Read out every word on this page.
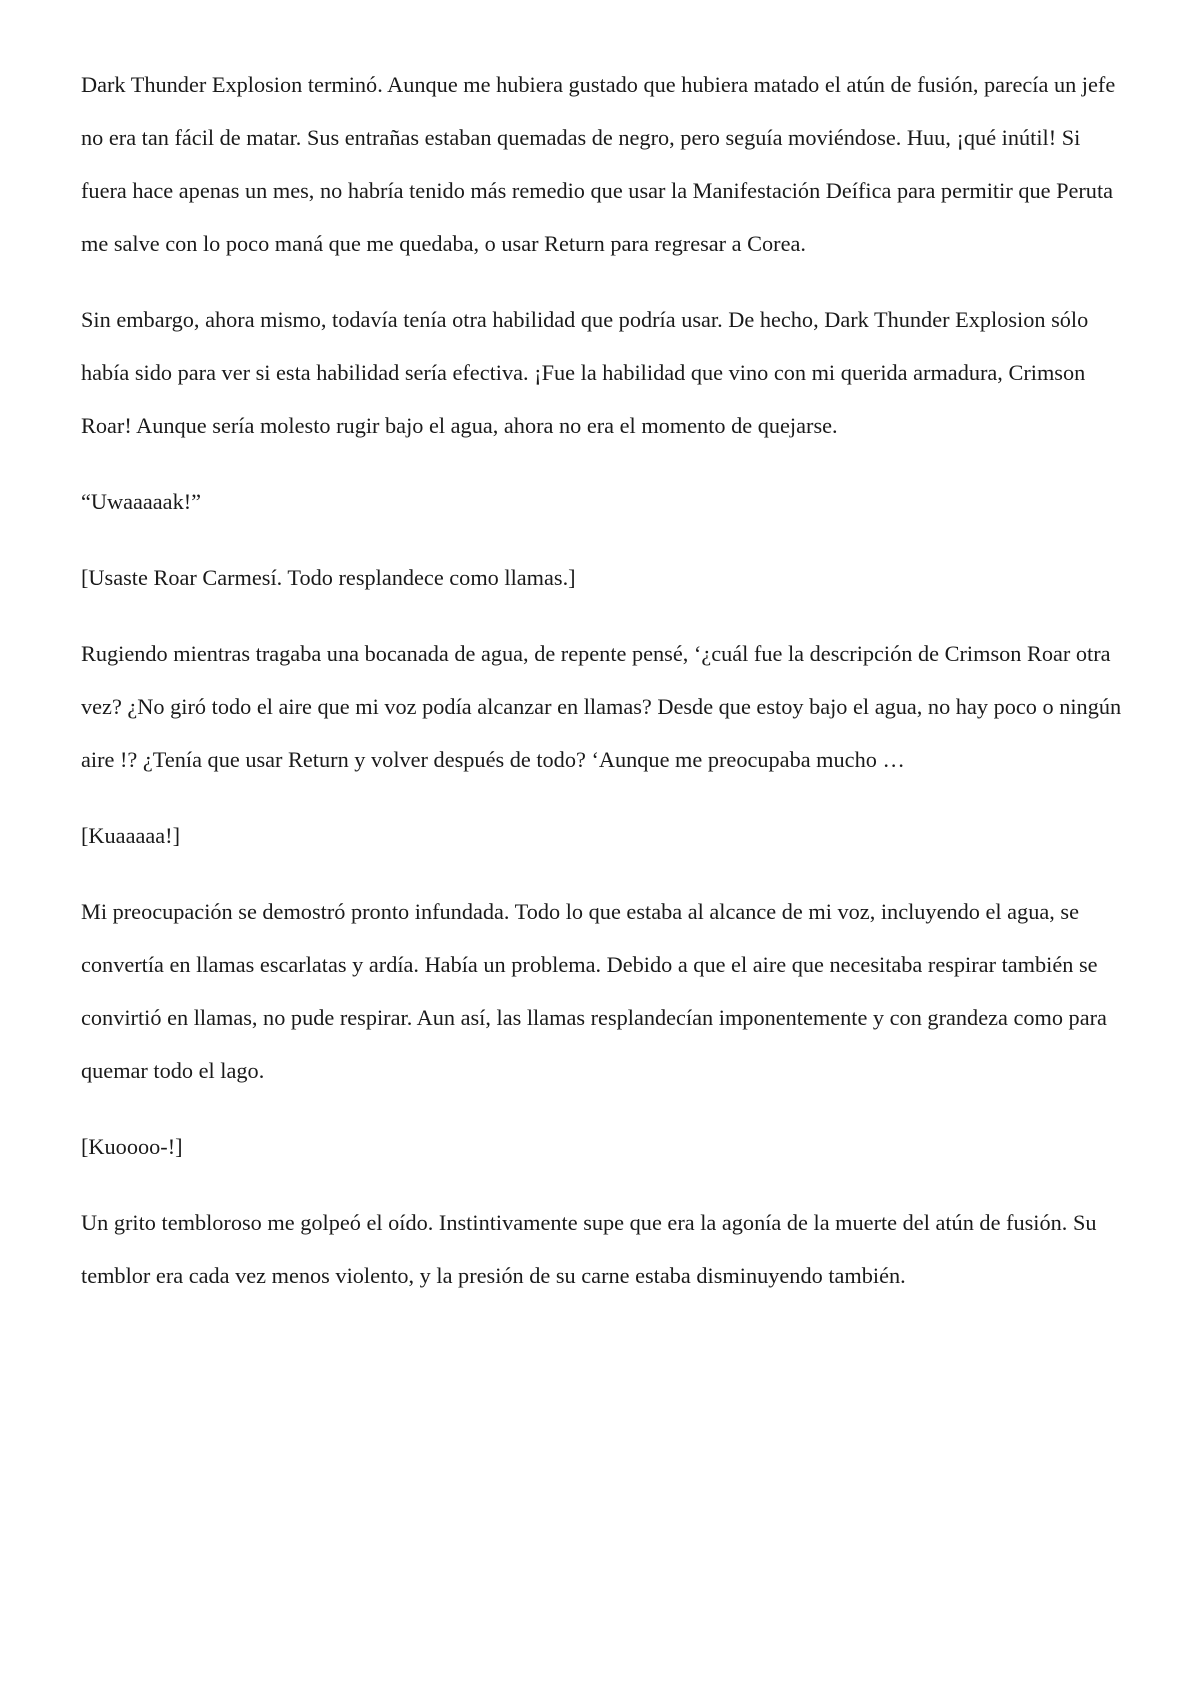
Dark Thunder Explosion terminó. Aunque me hubiera gustado que hubiera matado el atún de fusión, parecía un jefe no era tan fácil de matar. Sus entrañas estaban quemadas de negro, pero seguía moviéndose. Huu, ¡qué inútil! Si fuera hace apenas un mes, no habría tenido más remedio que usar la Manifestación Deífica para permitir que Peruta me salve con lo poco maná que me quedaba, o usar Return para regresar a Corea.

Sin embargo, ahora mismo, todavía tenía otra habilidad que podría usar. De hecho, Dark Thunder Explosion sólo había sido para ver si esta habilidad sería efectiva. ¡Fue la habilidad que vino con mi querida armadura, Crimson Roar! Aunque sería molesto rugir bajo el agua, ahora no era el momento de quejarse.

“Uwaaaaak!”

[Usaste Roar Carmesí. Todo resplandece como llamas.]

Rugiendo mientras tragaba una bocanada de agua, de repente pensé, ‘¿cuál fue la descripción de Crimson Roar otra vez? ¿No giró todo el aire que mi voz podía alcanzar en llamas? Desde que estoy bajo el agua, no hay poco o ningún aire !? ¿Tenía que usar Return y volver después de todo? ‘Aunque me preocupaba mucho …

[Kuaaaaa!]

Mi preocupación se demostró pronto infundada. Todo lo que estaba al alcance de mi voz, incluyendo el agua, se convertía en llamas escarlatas y ardía. Había un problema. Debido a que el aire que necesitaba respirar también se convirtió en llamas, no pude respirar. Aun así, las llamas resplandecían imponentemente y con grandeza como para quemar todo el lago.

[Kuoooo-!]

Un grito tembloroso me golpeó el oído. Instintivamente supe que era la agonía de la muerte del atún de fusión. Su temblor era cada vez menos violento, y la presión de su carne estaba disminuyendo también.
